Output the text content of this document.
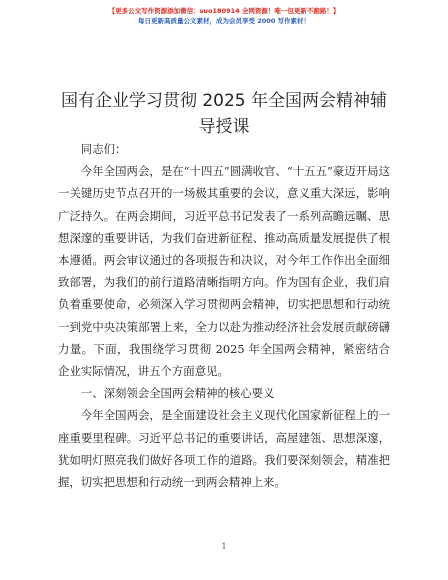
【更多公文写作资源添加微信：suo180914 全网资源！唯一包更新不跑路！】
每日更新高质量公文素材，成为会员享受 2000 写作素材！
国有企业学习贯彻 2025 年全国两会精神辅导授课

同志们：

今年全国两会，是在“十四五”圆满收官、“十五五”豪迈开局这一关键历史节点召开的一场极其重要的会议，意义重大深远，影响广泛持久。在两会期间，习近平总书记发表了一系列高瞻远瞩、思想深邃的重要讲话，为我们奋进新征程、推动高质量发展提供了根本遵循。两会审议通过的各项报告和决议，对今年工作作出全面细致部署，为我们的前行道路清晰指明方向。作为国有企业，我们肩负着重要使命，必须深入学习贯彻两会精神，切实把思想和行动统一到党中央决策部署上来，全力以赴为推动经济社会发展贡献磅礴力量。下面，我围绕学习贯彻 2025 年全国两会精神，紧密结合企业实际情况，讲五个方面意见。

一、深刻领会全国两会精神的核心要义

今年全国两会，是全面建设社会主义现代化国家新征程上的一座重要里程碑。习近平总书记的重要讲话，高屋建瓴、思想深邃，犹如明灯照亮我们做好各项工作的道路。我们要深刻领会，精准把握，切实把思想和行动统一到两会精神上来。

1
